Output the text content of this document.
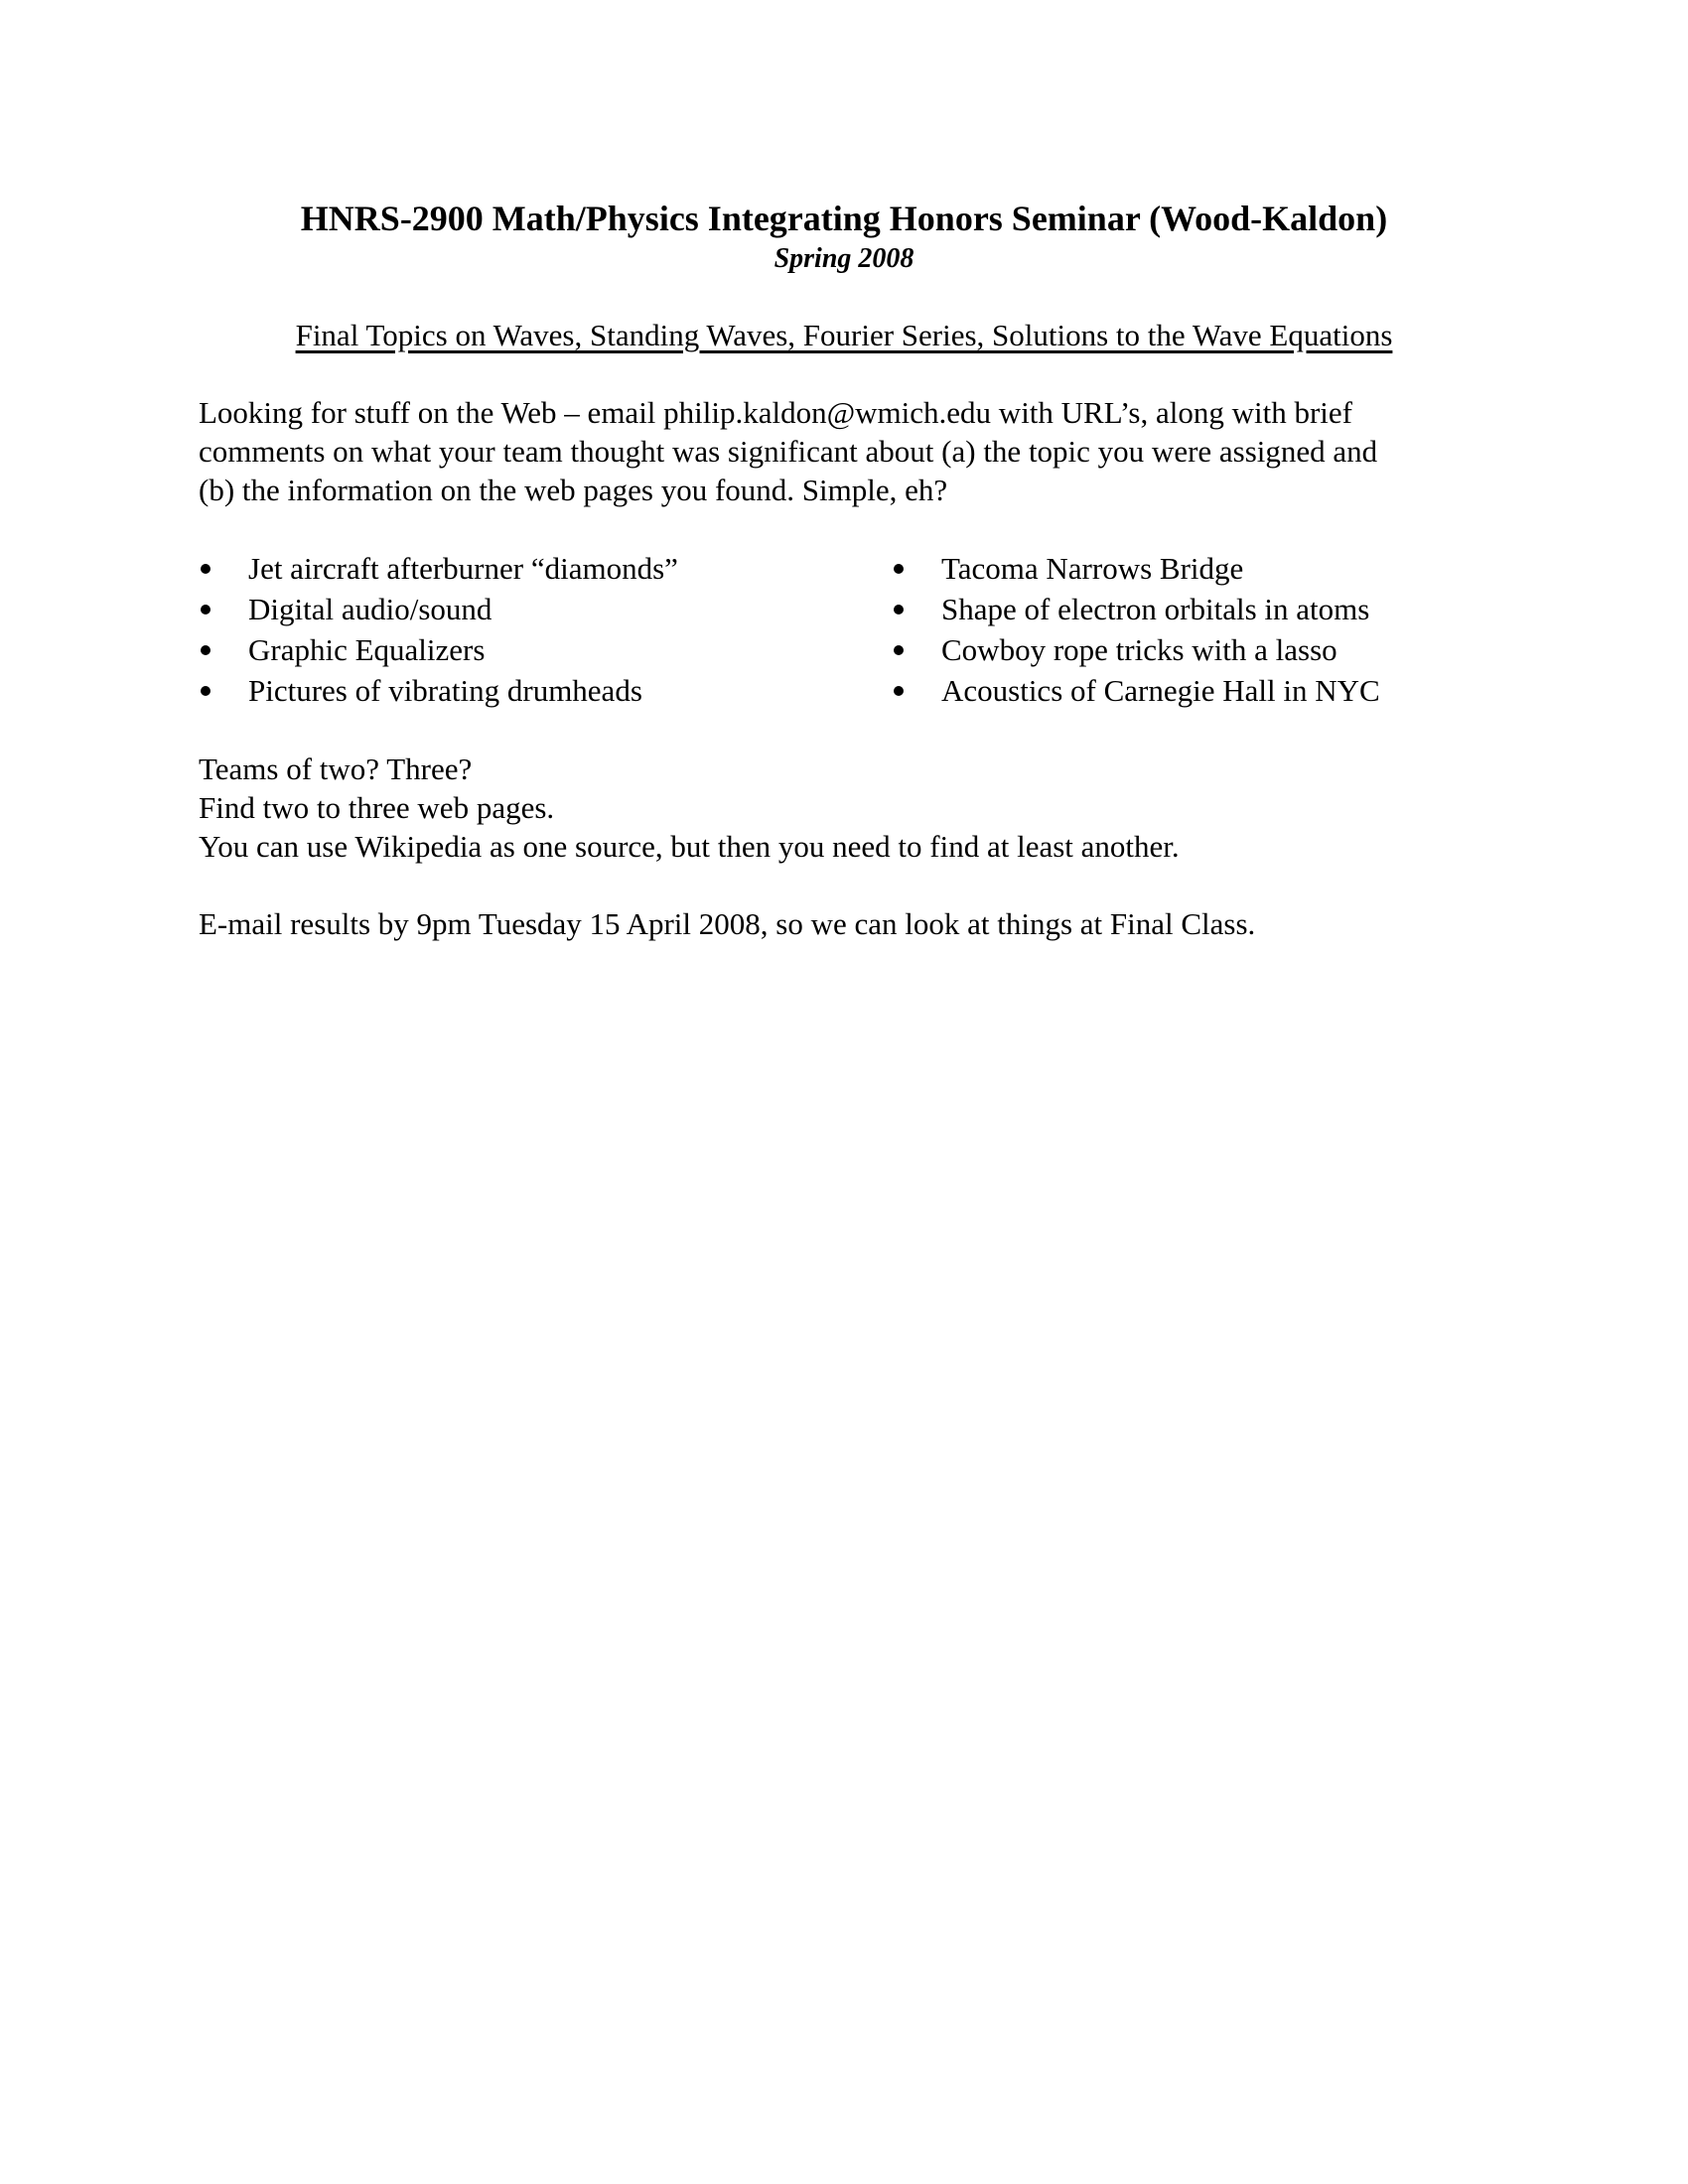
HNRS-2900 Math/Physics Integrating Honors Seminar (Wood-Kaldon)
Spring 2008
Final Topics on Waves, Standing Waves, Fourier Series, Solutions to the Wave Equations
Looking for stuff on the Web – email philip.kaldon@wmich.edu with URL’s, along with brief
comments on what your team thought was significant about (a) the topic you were assigned and
(b) the information on the web pages you found. Simple, eh?
Jet aircraft afterburner “diamonds”
Digital audio/sound
Graphic Equalizers
Pictures of vibrating drumheads
Tacoma Narrows Bridge
Shape of electron orbitals in atoms
Cowboy rope tricks with a lasso
Acoustics of Carnegie Hall in NYC
Teams of two? Three?
Find two to three web pages.
You can use Wikipedia as one source, but then you need to find at least another.
E-mail results by 9pm Tuesday 15 April 2008, so we can look at things at Final Class.
